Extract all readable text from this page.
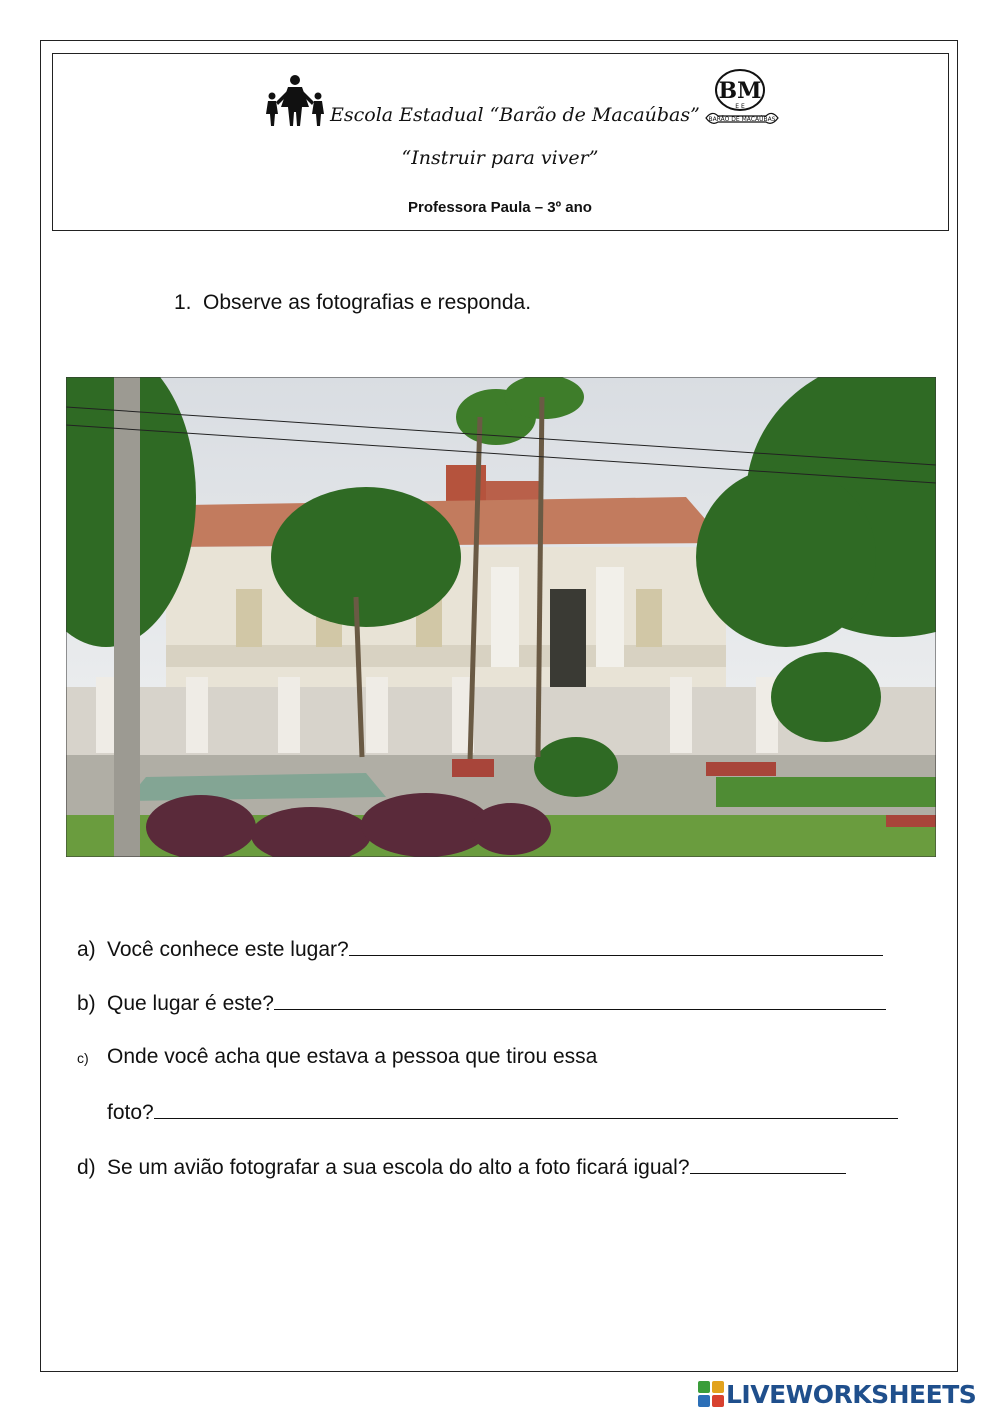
Escola Estadual “Barão de Macaúbas”
BM
E E
BARÃO DE MACAÚBAS
“Instruir para viver”
Professora Paula – 3º ano
1. Observe as fotografias e responda.
a) Você conhece este lugar?
b) Que lugar é este?
c) Onde você acha que estava a pessoa que tirou essa
foto?
d) Se um avião fotografar a sua escola do alto a foto ficará igual?
LIVEWORKSHEETS
